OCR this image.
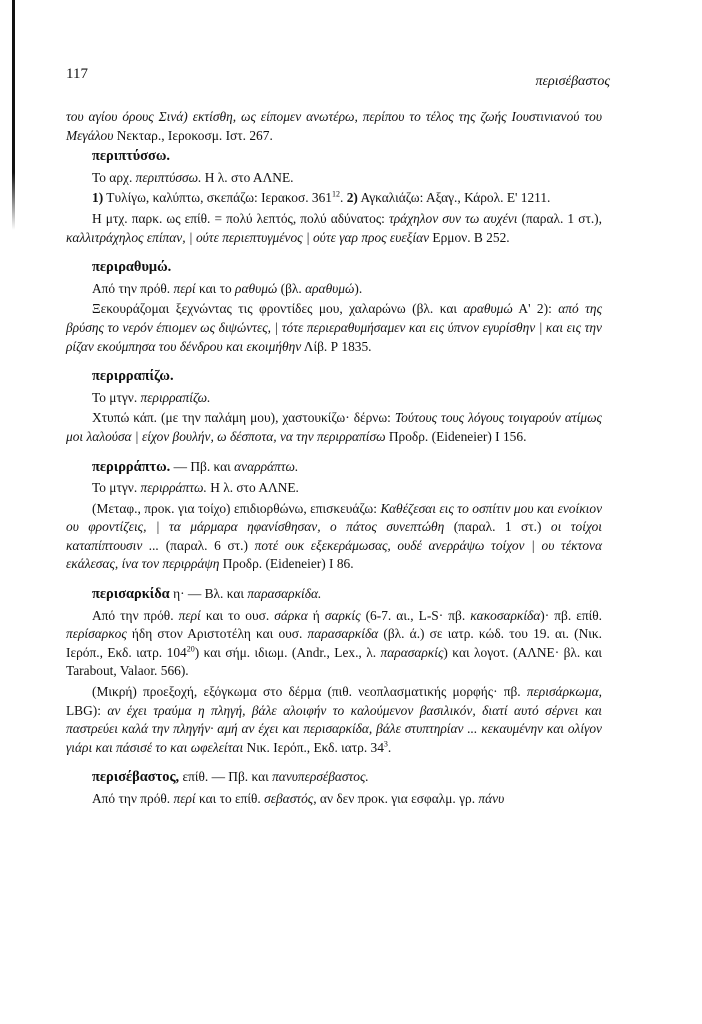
117	περισέβαστος

του αγίου όρους Σινά) εκτίσθη, ως είπομεν ανωτέρω, περίπου το τέλος της ζωής Ιουστινιανού του Μεγάλου Νεκταρ., Ιεροκοσμ. Ιστ. 267.

περιπτύσσω.

Το αρχ. περιπτύσσω. Η λ. στο ΑΛΝΕ.

1) Τυλίγω, καλύπτω, σκεπάζω: Ιερακοσ. $361^{12}$. 2) Αγκαλιάζω: Αξαγ., Κάρολ. Ε' 1211.

Η μτχ. παρκ. ως επίθ. = πολύ λεπτός, πολύ αδύνατος: τράχηλον συν τω αυχένι (παραλ. 1 στ.), καλλιτράχηλος επίπαν, | ούτε περιεπτυγμένος | ούτε γαρ προς ευεξίαν Ερμον. Β 252.

περιραθυμώ.

Από την πρόθ. περί και το ραθυμώ (βλ. αραθυμώ).

Ξεκουράζομαι ξεχνώντας τις φροντίδες μου, χαλαρώνω (βλ. και αραθυμώ Α' 2): από της βρύσης το νερόν έπιομεν ως διψώντες, | τότε περιεραθυμήσαμεν και εις ύπνον εγυρίσθην | και εις την ρίζαν εκούμπησα του δένδρου και εκοιμήθην Λίβ. Ρ 1835.

περιρραπίζω.

Το μτγν. περιρραπίζω.

Χτυπώ κάπ. (με την παλάμη μου), χαστουκίζω· δέρνω: Τούτους τους λόγους τοιγαρούν ατίμως μοι λαλούσα | είχον βουλήν, ω δέσποτα, να την περιρραπίσω Προδρ. (Eideneier) Ι 156.

περιρράπτω. — Πβ. και αναρράπτω.

Το μτγν. περιρράπτω. Η λ. στο ΑΛΝΕ.

(Μεταφ., προκ. για τοίχο) επιδιορθώνω, επισκευάζω: Καθέζεσαι εις το οσπίτιν μου και ενοίκιον ου φροντίζεις, | τα μάρμαρα ηφανίσθησαν, ο πάτος συνεπτώθη (παραλ. 1 στ.) οι τοίχοι καταπίπτουσιν ... (παραλ. 6 στ.) ποτέ ουκ εξεκεράμωσας, ουδέ ανερράψω τοίχον | ου τέκτονα εκάλεσας, ίνα τον περιρράψη Προδρ. (Eideneier) Ι 86.

περισαρκίδα η· — Βλ. και παρασαρκίδα.

Από την πρόθ. περί και το ουσ. σάρκα ή σαρκίς (6-7. αι., L-S· πβ. κακοσαρκίδα)· πβ. επίθ. περίσαρκος ήδη στον Αριστοτέλη και ουσ. παρασαρκίδα (βλ. ά.) σε ιατρ. κώδ. του 19. αι. (Νικ. Ιερόπ., Εκδ. ιατρ. $104^{20}$) και σήμ. ιδιωμ. (Andr., Lex., λ. παρασαρκίς) και λογοτ. (ΑΛΝΕ· βλ. και Tarabout, Valaor. 566).

(Μικρή) προεξοχή, εξόγκωμα στο δέρμα (πιθ. νεοπλασματικής μορφής· πβ. περισάρκωμα, LBG): αν έχει τραύμα η πληγή, βάλε αλοιφήν το καλούμενον βασιλικόν, διατί αυτό σέρνει και παστρεύει καλά την πληγήν· αμή αν έχει και περισαρκίδα, βάλε στυπτηρίαν ... κεκαυμένην και ολίγον γιάρι και πάσισέ το και ωφελείται Νικ. Ιερόπ., Εκδ. ιατρ. $34^3$.

περισέβαστος, επίθ. — Πβ. και πανυπερσέβαστος.

Από την πρόθ. περί και το επίθ. σεβαστός, αν δεν προκ. για εσφαλμ. γρ. πάνυ
